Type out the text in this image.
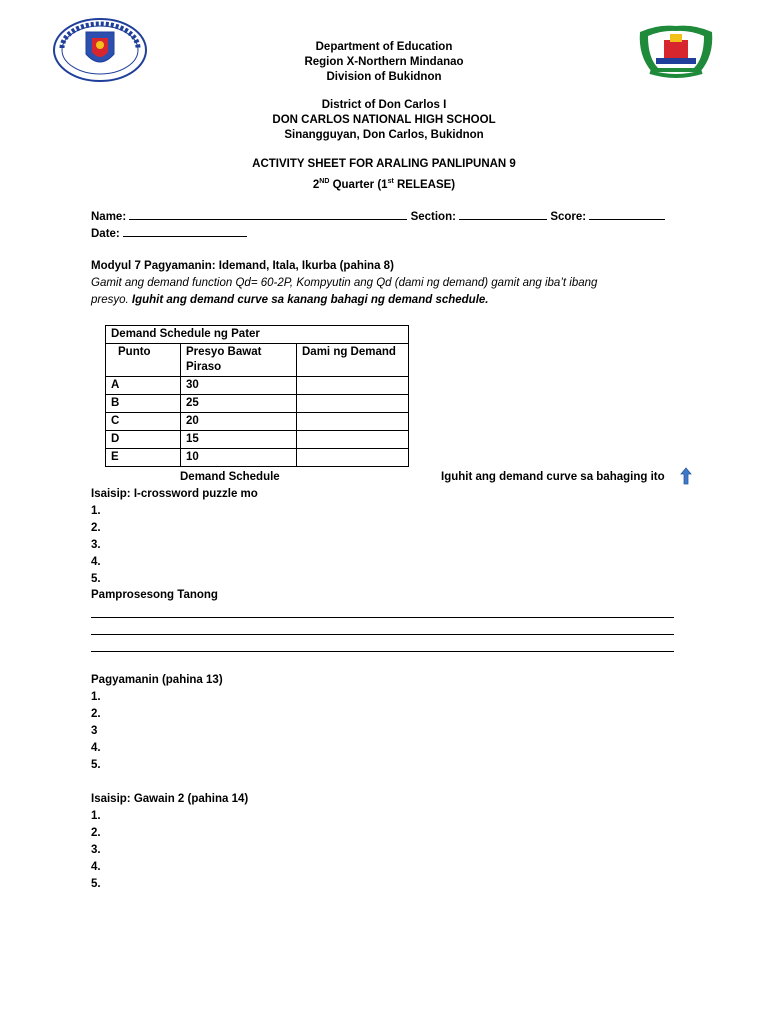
Department of Education
Region X-Northern Mindanao
Division of Bukidnon
District of Don Carlos I
DON CARLOS NATIONAL HIGH SCHOOL
Sinangguyan, Don Carlos, Bukidnon
ACTIVITY SHEET FOR ARALING PANLIPUNAN 9
2ND Quarter (1st RELEASE)
Name:	Section:	Score:
Date:
Modyul 7 Pagyamanin: Idemand, Itala, Ikurba (pahina 8)
Gamit ang demand function Qd= 60-2P, Kompyutin ang Qd (dami ng demand) gamit ang iba’t ibang
presyo. Iguhit ang demand curve sa kanang bahagi ng demand schedule.
Demand Schedule ng Pater		
Punto	Presyo Bawat Piraso	Dami ng Demand
A	30	
B	25	
C	20	
D	15	
E	10	
Demand Schedule	Iguhit ang demand curve sa bahaging ito
Isaisip: I-crossword puzzle mo
1.
2.
3.
4.
5.
Pamprosesong Tanong
Pagyamanin (pahina 13)
1.
2.
3
4.
5.
Isaisip: Gawain 2 (pahina 14)
1.
2.
3.
4.
5.
